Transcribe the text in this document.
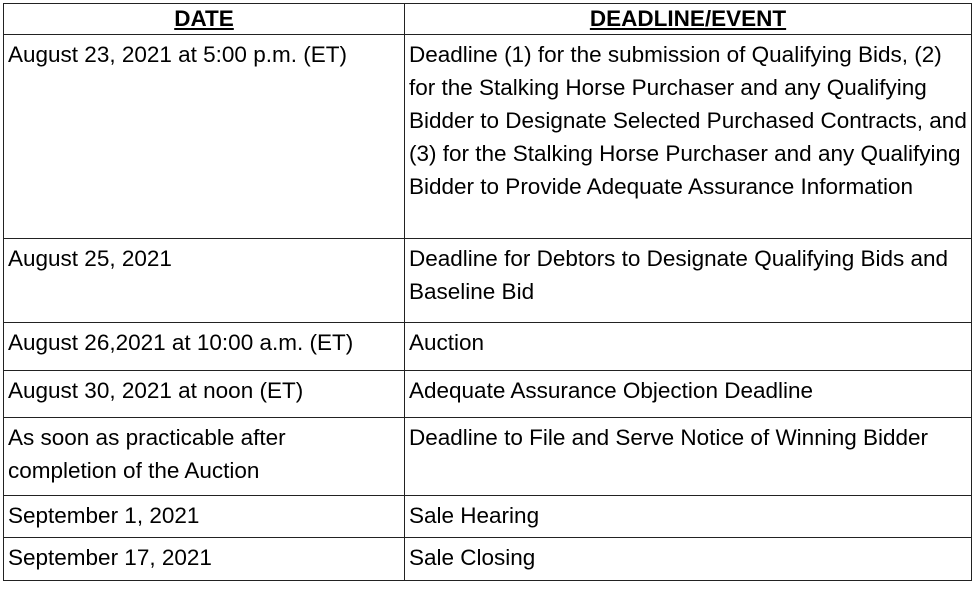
DATE	DEADLINE/EVENT
August 23, 2021 at 5:00 p.m. (ET)	Deadline (1) for the submission of Qualifying Bids, (2) for the Stalking Horse Purchaser and any Qualifying Bidder to Designate Selected Purchased Contracts, and (3) for the Stalking Horse Purchaser and any Qualifying Bidder to Provide Adequate Assurance Information
August 25, 2021	Deadline for Debtors to Designate Qualifying Bids and Baseline Bid
August 26,2021 at 10:00 a.m. (ET)	Auction
August 30, 2021 at noon (ET)	Adequate Assurance Objection Deadline
As soon as practicable after completion of the Auction	Deadline to File and Serve Notice of Winning Bidder
September 1, 2021	Sale Hearing
September 17, 2021	Sale Closing
